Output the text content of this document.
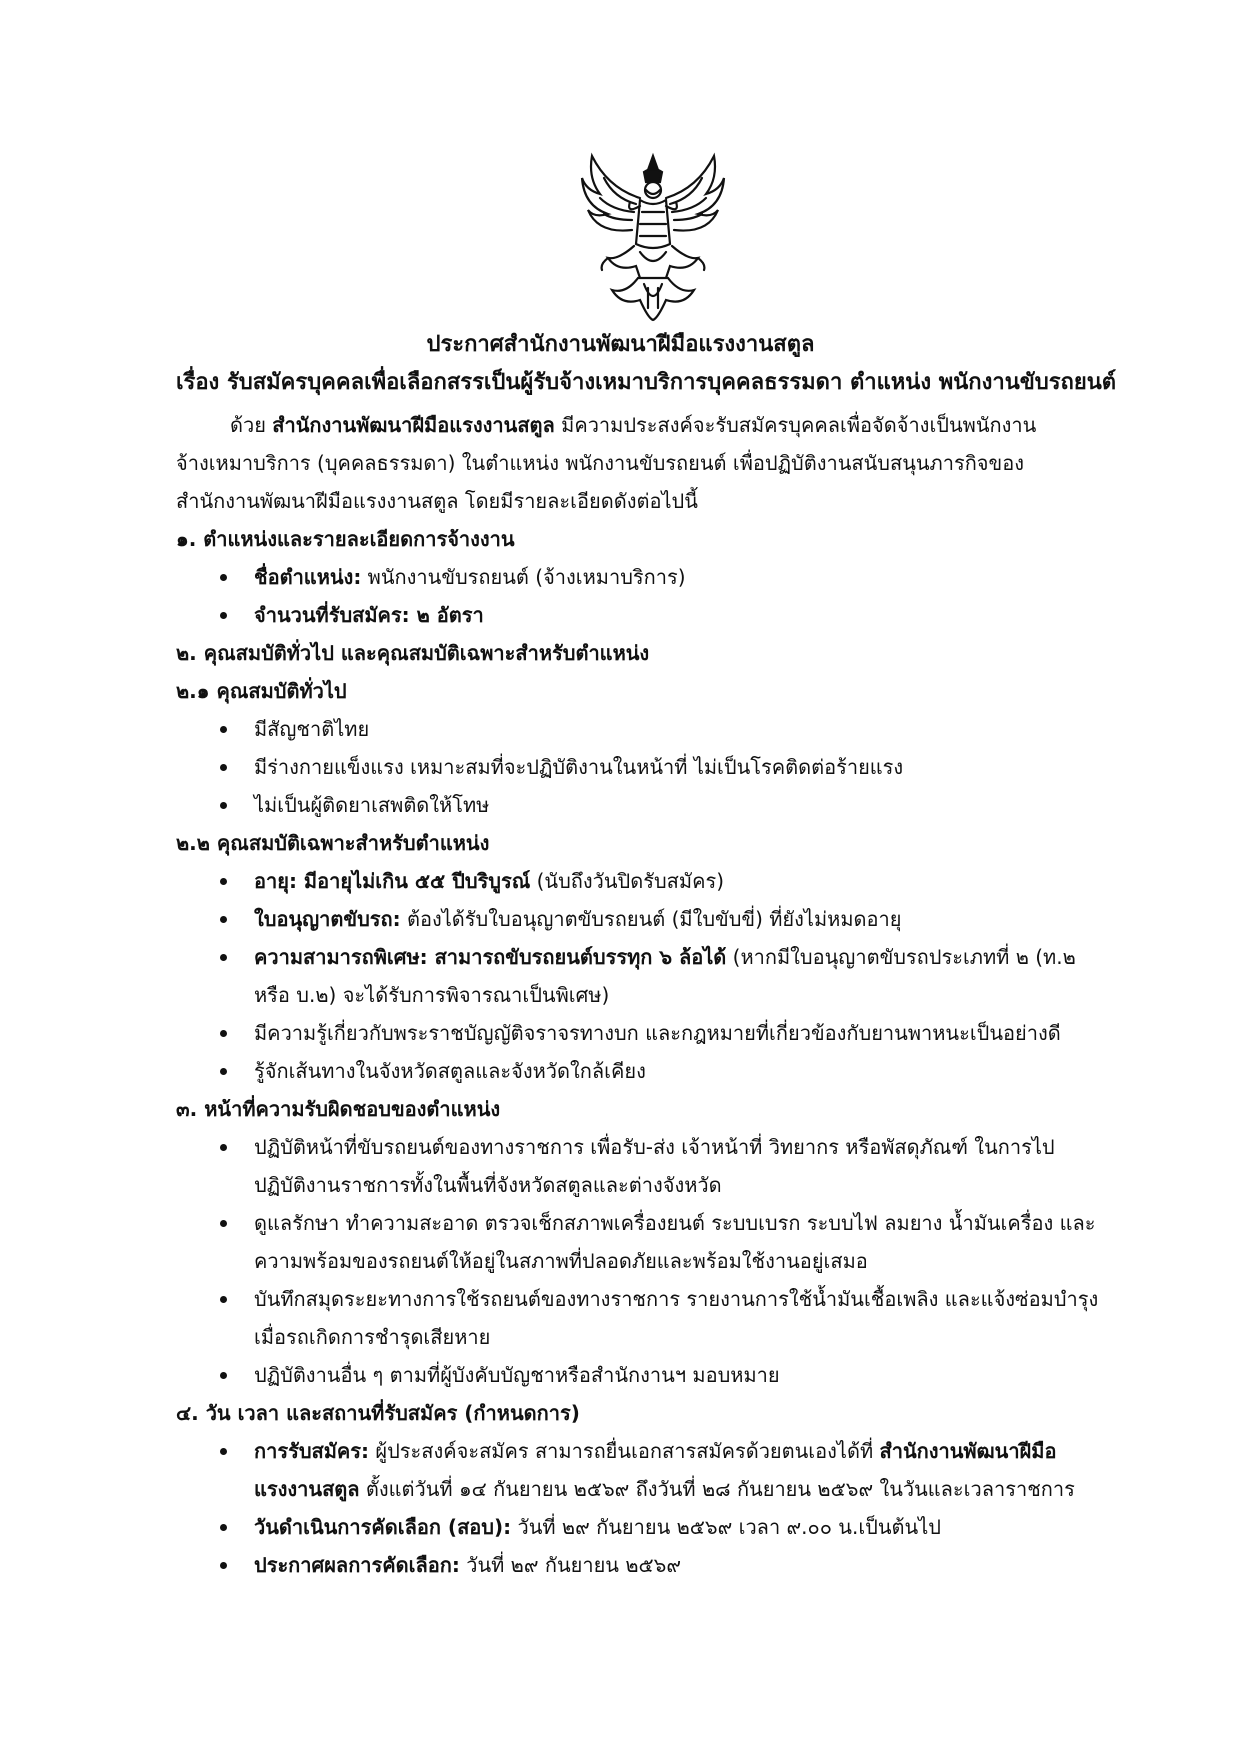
ประกาศสำนักงานพัฒนาฝีมือแรงงานสตูล
เรื่อง รับสมัครบุคคลเพื่อเลือกสรรเป็นผู้รับจ้างเหมาบริการบุคคลธรรมดา ตำแหน่ง พนักงานขับรถยนต์

ด้วย สำนักงานพัฒนาฝีมือแรงงานสตูล มีความประสงค์จะรับสมัครบุคคลเพื่อจัดจ้างเป็นพนักงาน

จ้างเหมาบริการ (บุคคลธรรมดา) ในตำแหน่ง พนักงานขับรถยนต์ เพื่อปฏิบัติงานสนับสนุนภารกิจของ

สำนักงานพัฒนาฝีมือแรงงานสตูล โดยมีรายละเอียดดังต่อไปนี้

๑. ตำแหน่งและรายละเอียดการจ้างงาน

ชื่อตำแหน่ง: พนักงานขับรถยนต์ (จ้างเหมาบริการ)
จำนวนที่รับสมัคร: ๒ อัตรา

๒. คุณสมบัติทั่วไป และคุณสมบัติเฉพาะสำหรับตำแหน่ง

๒.๑ คุณสมบัติทั่วไป

มีสัญชาติไทย
มีร่างกายแข็งแรง เหมาะสมที่จะปฏิบัติงานในหน้าที่ ไม่เป็นโรคติดต่อร้ายแรง
ไม่เป็นผู้ติดยาเสพติดให้โทษ

๒.๒ คุณสมบัติเฉพาะสำหรับตำแหน่ง

อายุ: มีอายุไม่เกิน ๕๕ ปีบริบูรณ์ (นับถึงวันปิดรับสมัคร)
ใบอนุญาตขับรถ: ต้องได้รับใบอนุญาตขับรถยนต์ (มีใบขับขี่) ที่ยังไม่หมดอายุ
ความสามารถพิเศษ: สามารถขับรถยนต์บรรทุก ๖ ล้อได้ (หากมีใบอนุญาตขับรถประเภทที่ ๒ (ท.๒
หรือ บ.๒) จะได้รับการพิจารณาเป็นพิเศษ)
มีความรู้เกี่ยวกับพระราชบัญญัติจราจรทางบก และกฎหมายที่เกี่ยวข้องกับยานพาหนะเป็นอย่างดี
รู้จักเส้นทางในจังหวัดสตูลและจังหวัดใกล้เคียง

๓. หน้าที่ความรับผิดชอบของตำแหน่ง

ปฏิบัติหน้าที่ขับรถยนต์ของทางราชการ เพื่อรับ-ส่ง เจ้าหน้าที่ วิทยากร หรือพัสดุภัณฑ์ ในการไป
ปฏิบัติงานราชการทั้งในพื้นที่จังหวัดสตูลและต่างจังหวัด
ดูแลรักษา ทำความสะอาด ตรวจเช็กสภาพเครื่องยนต์ ระบบเบรก ระบบไฟ ลมยาง น้ำมันเครื่อง และ
ความพร้อมของรถยนต์ให้อยู่ในสภาพที่ปลอดภัยและพร้อมใช้งานอยู่เสมอ
บันทึกสมุดระยะทางการใช้รถยนต์ของทางราชการ รายงานการใช้น้ำมันเชื้อเพลิง และแจ้งซ่อมบำรุง
เมื่อรถเกิดการชำรุดเสียหาย
ปฏิบัติงานอื่น ๆ ตามที่ผู้บังคับบัญชาหรือสำนักงานฯ มอบหมาย

๔. วัน เวลา และสถานที่รับสมัคร (กำหนดการ)

การรับสมัคร: ผู้ประสงค์จะสมัคร สามารถยื่นเอกสารสมัครด้วยตนเองได้ที่ สำนักงานพัฒนาฝีมือ
แรงงานสตูล ตั้งแต่วันที่ ๑๔ กันยายน ๒๕๖๙ ถึงวันที่ ๒๘ กันยายน ๒๕๖๙ ในวันและเวลาราชการ
วันดำเนินการคัดเลือก (สอบ): วันที่ ๒๙ กันยายน ๒๕๖๙ เวลา ๙.๐๐ น.เป็นต้นไป
ประกาศผลการคัดเลือก: วันที่ ๒๙ กันยายน ๒๕๖๙
